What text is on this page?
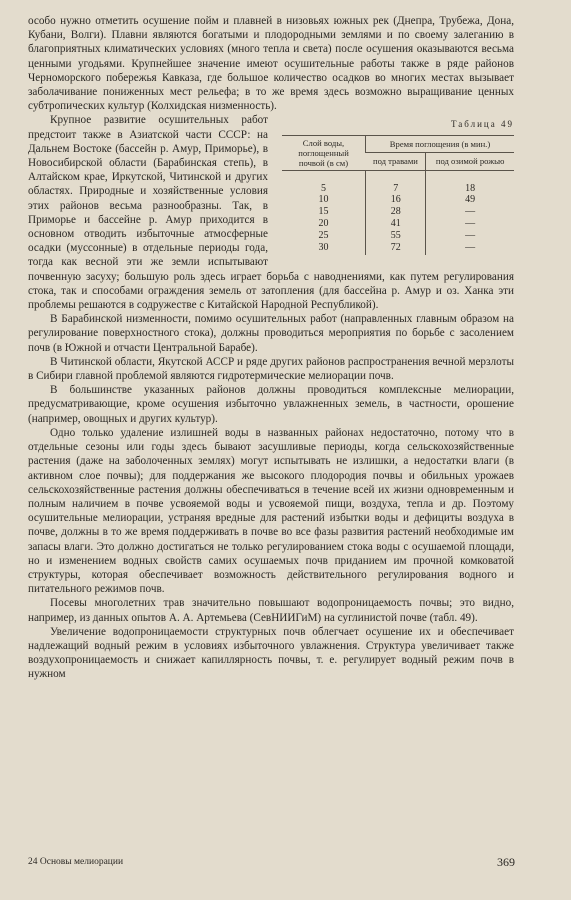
особо нужно отметить осушение пойм и плавней в низовьях южных рек (Днепра, Трубежа, Дона, Кубани, Волги). Плавни являются богатыми и плодородными землями и по своему залеганию в благоприятных климатических условиях (много тепла и света) после осушения оказываются весьма ценными угодьями. Крупнейшее значение имеют осушительные работы также в ряде районов Черноморского побережья Кавказа, где большое количество осадков во многих местах вызывает заболачивание пониженных мест рельефа; в то же время здесь возможно выращивание ценных субтропических культур (Колхидская низменность).

Таблица 49
Слой воды, поглощенный почвой (в см)	Время поглощения (в мин.)	
	под травами	под озимой рожью
5	7	18
10	16	49
15	28	—
20	41	—
25	55	—
30	72	—

Крупное развитие осушительных работ предстоит также в Азиатской части СССР: на Дальнем Востоке (бассейн р. Амур, Приморье), в Новосибирской области (Барабинская степь), в Алтайском крае, Иркутской, Читинской и других областях. Природные и хозяйственные условия этих районов весьма разнообразны. Так, в Приморье и бассейне р. Амур приходится в основном отводить избыточные атмосферные осадки (муссонные) в отдельные периоды года, тогда как весной эти же земли испытывают почвенную засуху; большую роль здесь играет борьба с наводнениями, как путем регулирования стока, так и способами ограждения земель от затопления (для бассейна р. Амур и оз. Ханка эти проблемы решаются в содружестве с Китайской Народной Республикой).

В Барабинской низменности, помимо осушительных работ (направленных главным образом на регулирование поверхностного стока), должны проводиться мероприятия по борьбе с засолением почв (в Южной и отчасти Центральной Барабе).

В Читинской области, Якутской АССР и ряде других районов распространения вечной мерзлоты в Сибири главной проблемой являются гидротермические мелиорации почв.

В большинстве указанных районов должны проводиться комплексные мелиорации, предусматривающие, кроме осушения избыточно увлажненных земель, в частности, орошение (например, овощных и других культур).

Одно только удаление излишней воды в названных районах недостаточно, потому что в отдельные сезоны или годы здесь бывают засушливые периоды, когда сельскохозяйственные растения (даже на заболоченных землях) могут испытывать не излишки, а недостатки влаги (в активном слое почвы); для поддержания же высокого плодородия почвы и обильных урожаев сельскохозяйственные растения должны обеспечиваться в течение всей их жизни одновременным и полным наличием в почве усвояемой воды и усвояемой пищи, воздуха, тепла и др. Поэтому осушительные мелиорации, устраняя вредные для растений избытки воды и дефициты воздуха в почве, должны в то же время поддерживать в почве во все фазы развития растений необходимые им запасы влаги. Это должно достигаться не только регулированием стока воды с осушаемой площади, но и изменением водных свойств самих осушаемых почв приданием им прочной комковатой структуры, которая обеспечивает возможность действительного регулирования водного и питательного режимов почв.

Посевы многолетних трав значительно повышают водопроницаемость почвы; это видно, например, из данных опытов А. А. Артемьева (СевНИИГиМ) на суглинистой почве (табл. 49).

Увеличение водопроницаемости структурных почв облегчает осушение их и обеспечивает надлежащий водный режим в условиях избыточного увлажнения. Структура увеличивает также воздухопроницаемость и снижает капиллярность почвы, т. е. регулирует водный режим почв в нужном

24 Основы мелиорации	369
